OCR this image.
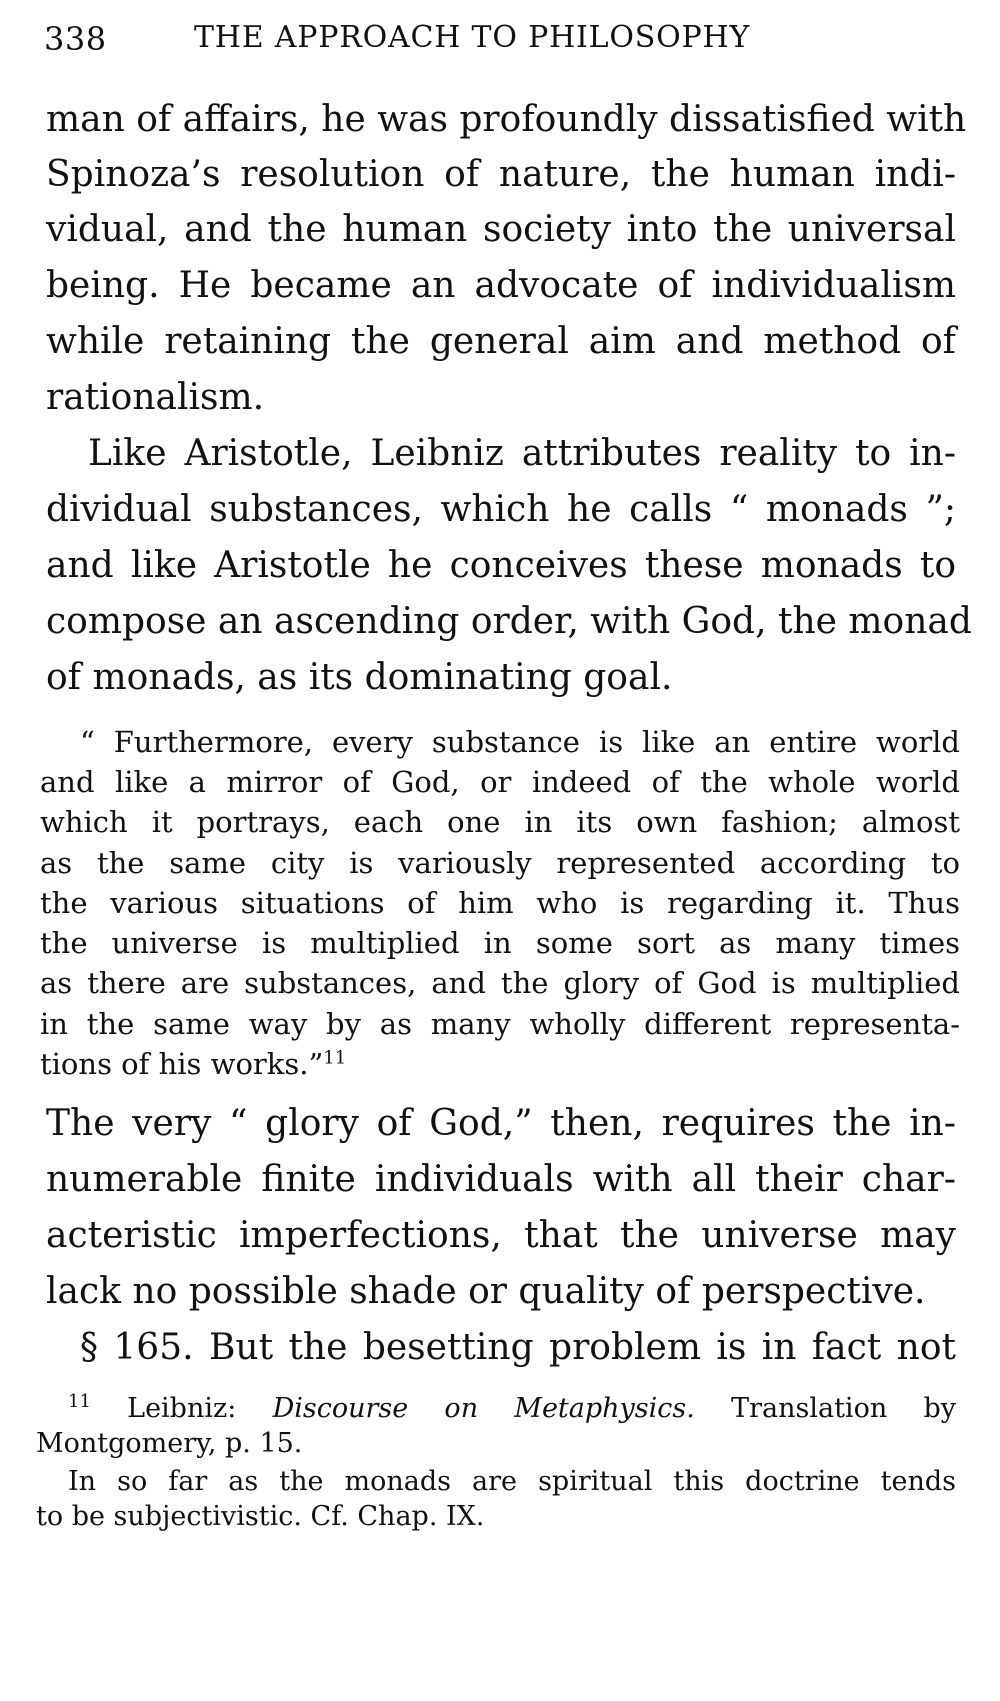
338	THE APPROACH TO PHILOSOPHY
man of affairs, he was profoundly dissatisfied with
Spinoza’s resolution of nature, the human indi-
vidual, and the human society into the universal
being. He became an advocate of individualism
while retaining the general aim and method of
rationalism.
Like Aristotle, Leibniz attributes reality to in-
dividual substances, which he calls “ monads ”;
and like Aristotle he conceives these monads to
compose an ascending order, with God, the monad
of monads, as its dominating goal.
“ Furthermore, every substance is like an entire world
and like a mirror of God, or indeed of the whole world
which it portrays, each one in its own fashion; almost
as the same city is variously represented according to
the various situations of him who is regarding it. Thus
the universe is multiplied in some sort as many times
as there are substances, and the glory of God is multiplied
in the same way by as many wholly different representa-
tions of his works.”$^{11}$
The very “ glory of God,” then, requires the in-
numerable finite individuals with all their char-
acteristic imperfections, that the universe may
lack no possible shade or quality of perspective.
§ 165. But the besetting problem is in fact not
$^{11}$ Leibniz: Discourse on Metaphysics. Translation by
Montgomery, p. 15.
In so far as the monads are spiritual this doctrine tends
to be subjectivistic. Cf. Chap. IX.
